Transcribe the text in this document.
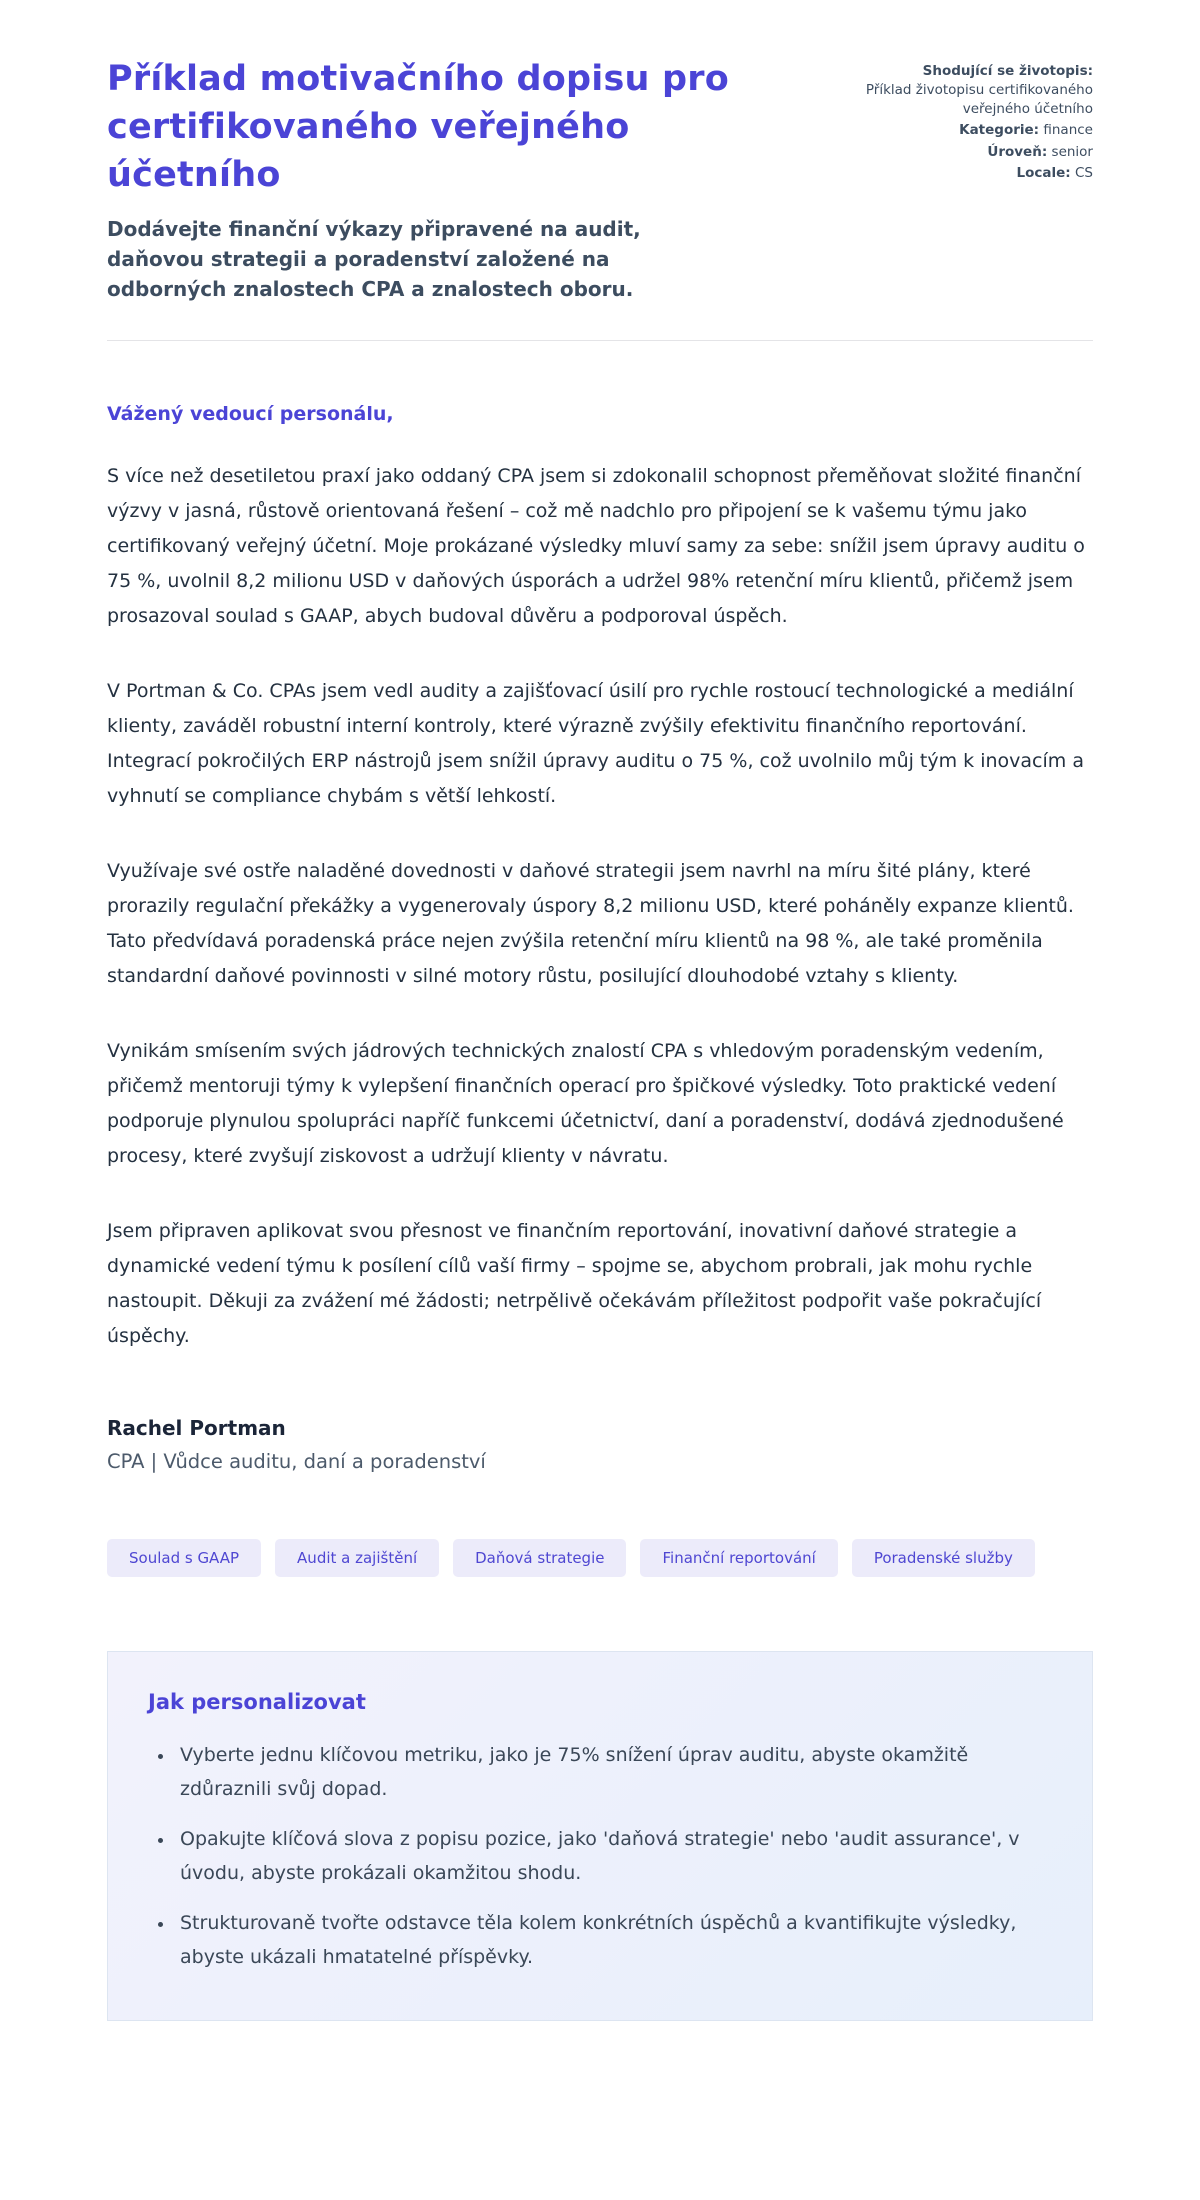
Příklad motivačního dopisu pro certifikovaného veřejného účetního

Dodávejte finanční výkazy připravené na audit, daňovou strategii a poradenství založené na odborných znalostech CPA a znalostech oboru.

Shodující se životopis:
Příklad životopisu certifikovaného veřejného účetního
Kategorie: finance
Úroveň: senior
Locale: CS

Vážený vedoucí personálu,

S více než desetiletou praxí jako oddaný CPA jsem si zdokonalil schopnost přeměňovat složité finanční výzvy v jasná, růstově orientovaná řešení – což mě nadchlo pro připojení se k vašemu týmu jako certifikovaný veřejný účetní. Moje prokázané výsledky mluví samy za sebe: snížil jsem úpravy auditu o 75 %, uvolnil 8,2 milionu USD v daňových úsporách a udržel 98% retenční míru klientů, přičemž jsem prosazoval soulad s GAAP, abych budoval důvěru a podporoval úspěch.

V Portman & Co. CPAs jsem vedl audity a zajišťovací úsilí pro rychle rostoucí technologické a mediální klienty, zaváděl robustní interní kontroly, které výrazně zvýšily efektivitu finančního reportování. Integrací pokročilých ERP nástrojů jsem snížil úpravy auditu o 75 %, což uvolnilo můj tým k inovacím a vyhnutí se compliance chybám s větší lehkostí.

Využívaje své ostře naladěné dovednosti v daňové strategii jsem navrhl na míru šité plány, které prorazily regulační překážky a vygenerovaly úspory 8,2 milionu USD, které poháněly expanze klientů. Tato předvídavá poradenská práce nejen zvýšila retenční míru klientů na 98 %, ale také proměnila standardní daňové povinnosti v silné motory růstu, posilující dlouhodobé vztahy s klienty.

Vynikám smísením svých jádrových technických znalostí CPA s vhledovým poradenským vedením, přičemž mentoruji týmy k vylepšení finančních operací pro špičkové výsledky. Toto praktické vedení podporuje plynulou spolupráci napříč funkcemi účetnictví, daní a poradenství, dodává zjednodušené procesy, které zvyšují ziskovost a udržují klienty v návratu.

Jsem připraven aplikovat svou přesnost ve finančním reportování, inovativní daňové strategie a dynamické vedení týmu k posílení cílů vaší firmy – spojme se, abychom probrali, jak mohu rychle nastoupit. Děkuji za zvážení mé žádosti; netrpělivě očekávám příležitost podpořit vaše pokračující úspěchy.

Rachel Portman

CPA | Vůdce auditu, daní a poradenství

Soulad s GAAP	Audit a zajištění	Daňová strategie	Finanční reportování	Poradenské služby
Jak personalizovat
• Vyberte jednu klíčovou metriku, jako je 75% snížení úprav auditu, abyste okamžitě zdůraznili svůj dopad.
• Opakujte klíčová slova z popisu pozice, jako 'daňová strategie' nebo 'audit assurance', v úvodu, abyste prokázali okamžitou shodu.
• Strukturovaně tvořte odstavce těla kolem konkrétních úspěchů a kvantifikujte výsledky, abyste ukázali hmatatelné příspěvky.
